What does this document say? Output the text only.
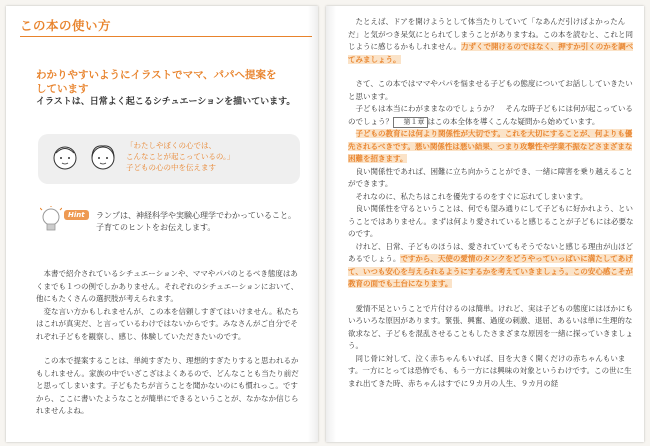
この本の使い方
わかりやすいようにイラストでママ、パパへ提案をしています
イラストは、日常よく起こるシチュエーションを描いています。
「わたしやぼくの心では、
こんなことが起こっているの。」
子どもの心の中を伝えます
Hint	ランプは、神経科学や実験心理学でわかっていること。子育てのヒントをお伝えします。

本書で紹介されているシチュエーションや、ママやパパのとるべき態度はあくまでも１つの例でしかありません。それぞれのシチュエーションにおいて、他にもたくさんの選択肢が考えられます。

変な言い方かもしれませんが、この本を信頼しすぎてはいけません。私たちはこれが真実だ、と言っているわけではないからです。みなさんがご自分でそれぞれ子どもを観察し、感じ、体験していただきたいのです。

この本で提案することは、単純すぎたり、理想的すぎたりすると思われるかもしれません。家族の中でいざこざはよくあるので、どんなことも当たり前だと思ってしまいます。子どもたちが言うことを聞かないのにも慣れっこ。ですから、ここに書いたようなことが簡単にできるということが、なかなか信じられませんよね。

たとえば、ドアを開けようとして体当たりしていて「なあんだ引けばよかったんだ」と気がつき呆気にとられてしまうことがありますね。この本を読むと、これと同じように感じるかもしれません。力ずくで開けるのではなく、押すか引くのかを調べてみましょう。

さて、この本ではママやパパを悩ませる子どもの態度についてお話ししていきたいと思います。

子どもは本当にわがままなのでしょうか？　そんな時子どもには何が起こっているのでしょう？ 第１章 はこの本全体を導くこんな疑問から始めています。

子どもの教育には何より関係性が大切です。これを大切にすることが、何よりも優先されるべきです。悪い関係性は悪い結果、つまり攻撃性や学業不振などさまざまな困難を招きます。

良い関係性であれば、困難に立ち向かうことができ、一緒に障害を乗り越えることができます。

それなのに、私たちはこれを優先するのをすぐに忘れてしまいます。

良い関係性を守るということは、何でも望み通りにして子どもに好かれよう、ということではありません。まずは何より愛されていると感じることが子どもには必要なのです。

けれど、日常、子どものほうは、愛されていてもそうでないと感じる理由が山ほどあるでしょう。ですから、天使の愛情のタンクをどうやっていっぱいに満たしてあげて、いつも安心を与えられるようにするかを考えていきましょう。この安心感こそが教育の面でも土台になります。

愛情不足ということで片付けるのは簡単。けれど、実は子どもの態度にはほかにもいろいろな原因があります。緊張、興奮、過度の刺激、退屈、あるいは単に生理的な欲求など、子どもを混乱させることもしたさまざまな原因を一緒に探っていきましょう。

同じ骨に対して、泣く赤ちゃんもいれば、目を大きく開くだけの赤ちゃんもいます。一方にとっては恐怖でも、もう一方には興味の対象というわけです。この世に生まれ出てきた時、赤ちゃんはすでに９カ月の人生、９カ月の経
